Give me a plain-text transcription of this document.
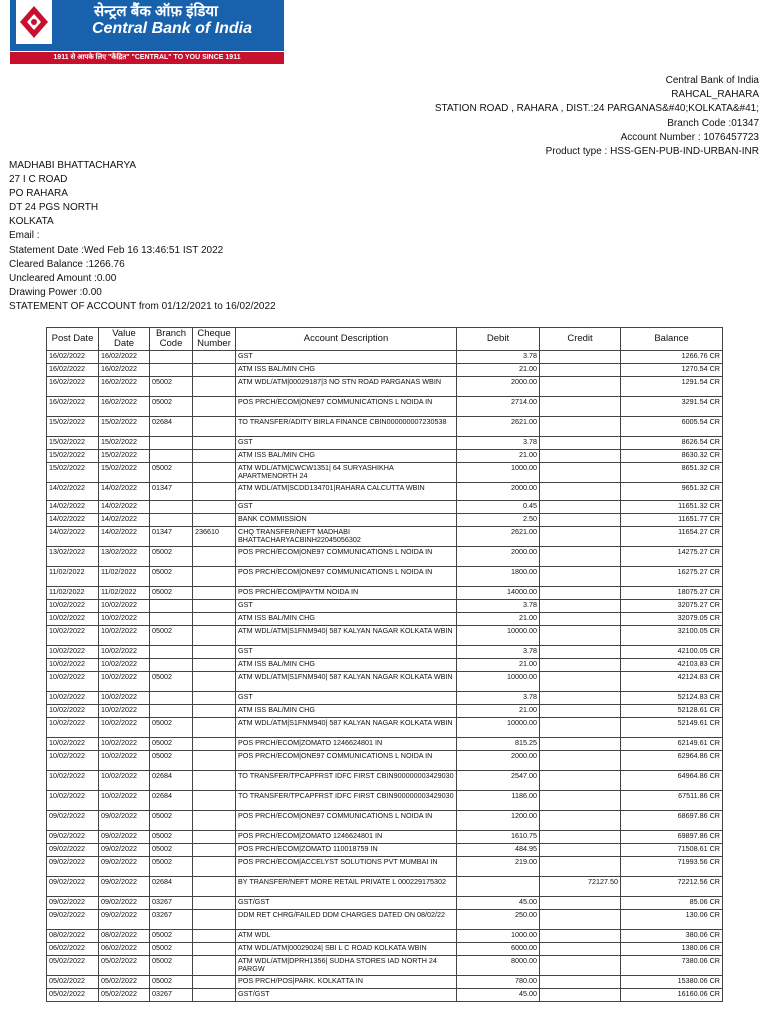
सेन्ट्रल बैंक ऑफ़ इंडिया
Central Bank of India
1911 से आपके लिए "केंद्रित" "CENTRAL" TO YOU SINCE 1911
Central Bank of India
RAHCAL_RAHARA
STATION ROAD , RAHARA , DIST.:24 PARGANAS&#40;KOLKATA&#41;
Branch Code :01347
Account Number : 1076457723
Product type : HSS-GEN-PUB-IND-URBAN-INR
MADHABI BHATTACHARYA
27 I C ROAD
PO RAHARA
DT 24 PGS NORTH
KOLKATA
Email :
Statement Date :Wed Feb 16 13:46:51 IST 2022
Cleared Balance :1266.76
Uncleared Amount :0.00
Drawing Power :0.00
STATEMENT OF ACCOUNT from 01/12/2021 to 16/02/2022
Post Date	Value Date	Branch Code	Cheque Number	Account Description	Debit	Credit	Balance
16/02/2022	16/02/2022			GST	3.78		1266.76 CR
16/02/2022	16/02/2022			ATM ISS BAL/MIN CHG	21.00		1270.54 CR
16/02/2022	16/02/2022	05002		ATM WDL/ATM|00029187|3 NO STN ROAD PARGANAS WBIN	2000.00		1291.54 CR
16/02/2022	16/02/2022	05002		POS PRCH/ECOM|ONE97 COMMUNICATIONS L NOIDA IN	2714.00		3291.54 CR
15/02/2022	15/02/2022	02684		TO TRANSFER/ADITY BIRLA FINANCE CBIN000000007230538	2621.00		6005.54 CR
15/02/2022	15/02/2022			GST	3.78		8626.54 CR
15/02/2022	15/02/2022			ATM ISS BAL/MIN CHG	21.00		8630.32 CR
15/02/2022	15/02/2022	05002		ATM WDL/ATM|CWCW1351| 64 SURYASHIKHA APARTMENORTH 24	1000.00		8651.32 CR
14/02/2022	14/02/2022	01347		ATM WDL/ATM|SCDD134701|RAHARA CALCUTTA WBIN	2000.00		9651.32 CR
14/02/2022	14/02/2022			GST	0.45		11651.32 CR
14/02/2022	14/02/2022			BANK COMMISSION	2.50		11651.77 CR
14/02/2022	14/02/2022	01347	236610	CHQ TRANSFER/NEFT MADHABI BHATTACHARYACBINH22045056302	2621.00		11654.27 CR
13/02/2022	13/02/2022	05002		POS PRCH/ECOM|ONE97 COMMUNICATIONS L NOIDA IN	2000.00		14275.27 CR
11/02/2022	11/02/2022	05002		POS PRCH/ECOM|ONE97 COMMUNICATIONS L NOIDA IN	1800.00		16275.27 CR
11/02/2022	11/02/2022	05002		POS PRCH/ECOM|PAYTM NOIDA IN	14000.00		18075.27 CR
10/02/2022	10/02/2022			GST	3.78		32075.27 CR
10/02/2022	10/02/2022			ATM ISS BAL/MIN CHG	21.00		32079.05 CR
10/02/2022	10/02/2022	05002		ATM WDL/ATM|S1FNM940| 587 KALYAN NAGAR KOLKATA WBIN	10000.00		32100.05 CR
10/02/2022	10/02/2022			GST	3.78		42100.05 CR
10/02/2022	10/02/2022			ATM ISS BAL/MIN CHG	21.00		42103.83 CR
10/02/2022	10/02/2022	05002		ATM WDL/ATM|S1FNM940| 587 KALYAN NAGAR KOLKATA WBIN	10000.00		42124.83 CR
10/02/2022	10/02/2022			GST	3.78		52124.83 CR
10/02/2022	10/02/2022			ATM ISS BAL/MIN CHG	21.00		52128.61 CR
10/02/2022	10/02/2022	05002		ATM WDL/ATM|S1FNM940| 587 KALYAN NAGAR KOLKATA WBIN	10000.00		52149.61 CR
10/02/2022	10/02/2022	05002		POS PRCH/ECOM|ZOMATO 1246624801 IN	815.25		62149.61 CR
10/02/2022	10/02/2022	05002		POS PRCH/ECOM|ONE97 COMMUNICATIONS L NOIDA IN	2000.00		62964.86 CR
10/02/2022	10/02/2022	02684		TO TRANSFER/TPCAPFRST IDFC FIRST CBIN900000003429030	2547.00		64964.86 CR
10/02/2022	10/02/2022	02684		TO TRANSFER/TPCAPFRST IDFC FIRST CBIN900000003429030	1186.00		67511.86 CR
09/02/2022	09/02/2022	05002		POS PRCH/ECOM|ONE97 COMMUNICATIONS L NOIDA IN	1200.00		68697.86 CR
09/02/2022	09/02/2022	05002		POS PRCH/ECOM|ZOMATO 1246624801 IN	1610.75		69897.86 CR
09/02/2022	09/02/2022	05002		POS PRCH/ECOM|ZOMATO 110018759 IN	484.95		71508.61 CR
09/02/2022	09/02/2022	05002		POS PRCH/ECOM|ACCELYST SOLUTIONS PVT MUMBAI IN	219.00		71993.56 CR
09/02/2022	09/02/2022	02684		BY TRANSFER/NEFT MORE RETAIL PRIVATE L 000229175302		72127.50	72212.56 CR
09/02/2022	09/02/2022	03267		GST/GST	45.00		85.06 CR
09/02/2022	09/02/2022	03267		DDM RET CHRG/FAILED DDM CHARGES DATED ON 08/02/22	250.00		130.06 CR
08/02/2022	08/02/2022	05002		ATM WDL	1000.00		380.06 CR
06/02/2022	06/02/2022	05002		ATM WDL/ATM|00029024| SBI L C ROAD KOLKATA WBIN	6000.00		1380.06 CR
05/02/2022	05/02/2022	05002		ATM WDL/ATM|DPRH1356| SUDHA STORES IAD NORTH 24 PARGW	8000.00		7380.06 CR
05/02/2022	05/02/2022	05002		POS PRCH/POS|PARK. KOLKATTA IN	780.00		15380.06 CR
05/02/2022	05/02/2022	03267		GST/GST	45.00		16160.06 CR
